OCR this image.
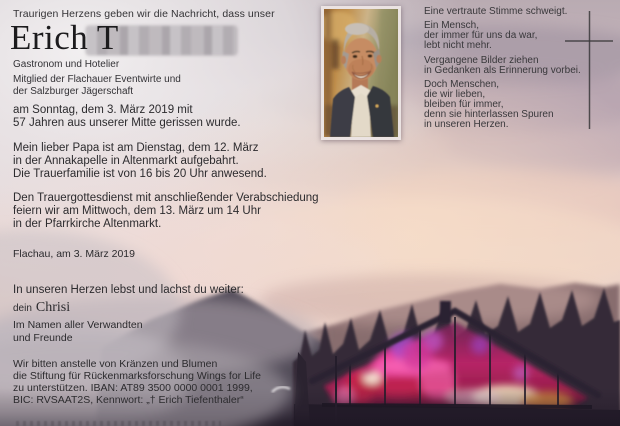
Traurigen Herzens geben wir die Nachricht, dass unser
Erich T
Gastronom und Hotelier
Mitglied der Flachauer Eventwirte und
der Salzburger Jägerschaft
am Sonntag, dem 3. März 2019 mit
57 Jahren aus unserer Mitte gerissen wurde.
Mein lieber Papa ist am Dienstag, dem 12. März
in der Annakapelle in Altenmarkt aufgebahrt.
Die Trauerfamilie ist von 16 bis 20 Uhr anwesend.
Den Trauergottesdienst mit anschließender Verabschiedung
feiern wir am Mittwoch, dem 13. März um 14 Uhr
in der Pfarrkirche Altenmarkt.
Flachau, am 3. März 2019
In unseren Herzen lebst und lachst du weiter:
dein Chrisi
Im Namen aller Verwandten
und Freunde
Wir bitten anstelle von Kränzen und Blumen
die Stiftung für Rückenmarksforschung Wings for Life
zu unterstützen. IBAN: AT89 3500 0000 0001 1999,
BIC: RVSAAT2S, Kennwort: „† Erich Tiefenthaler“
Eine vertraute Stimme schweigt.
Ein Mensch,
der immer für uns da war,
lebt nicht mehr.
Vergangene Bilder ziehen
in Gedanken als Erinnerung vorbei.
Doch Menschen,
die wir lieben,
bleiben für immer,
denn sie hinterlassen Spuren
in unseren Herzen.
